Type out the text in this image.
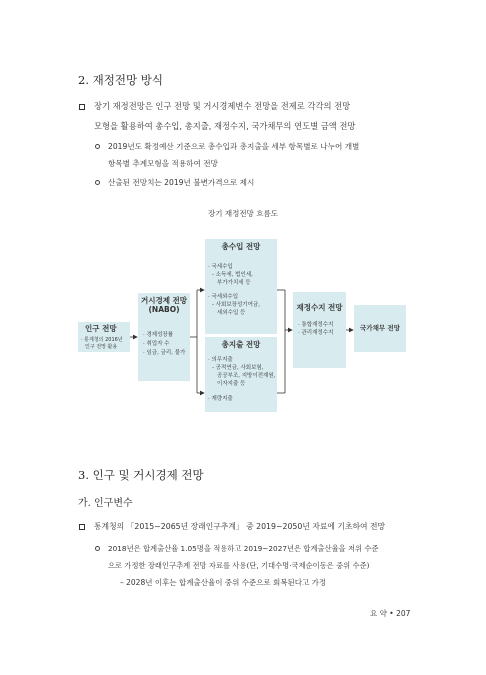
2. 재정전망 방식
장기 재정전망은 인구 전망 및 거시경제변수 전망을 전제로 각각의 전망
모형을 활용하여 총수입, 총지출, 재정수지, 국가채무의 연도별 금액 전망
2019년도 확정예산 기준으로 총수입과 총지출을 세부 항목별로 나누어 개별
항목별 추계모형을 적용하여 전망
산출된 전망치는 2019년 불변가격으로 제시
장기 재정전망 흐름도
인구 전망
· 통계청의 2016년
인구 전망 활용
거시경제 전망
(NABO)
· 경제성장률
· 취업자 수
· 임금, 금리, 물가
총수입 전망
· 국세수입
- 소득세, 법인세,
부가가치세 등
· 국세외수입
- 사회보장성기여금,
세외수입 등
총지출 전망
· 의무지출
- 공적연금, 사회보험,
공공부조, 지방이전재원,
이자지출 등
· 재량지출
재정수지 전망
· 통합재정수지
· 관리재정수지
국가채무 전망
3. 인구 및 거시경제 전망
가. 인구변수
통계청의 「2015~2065년 장래인구추계」 중 2019~2050년 자료에 기초하여 전망
2018년은 합계출산율 1.05명을 적용하고 2019~2027년은 합계출산율을 저위 수준
으로 가정한 장래인구추계 전망 자료를 사용(단, 기대수명·국제순이동은 중위 수준)
– 2028년 이후는 합계출산율이 중위 수준으로 회복된다고 가정
요 약 • 207
